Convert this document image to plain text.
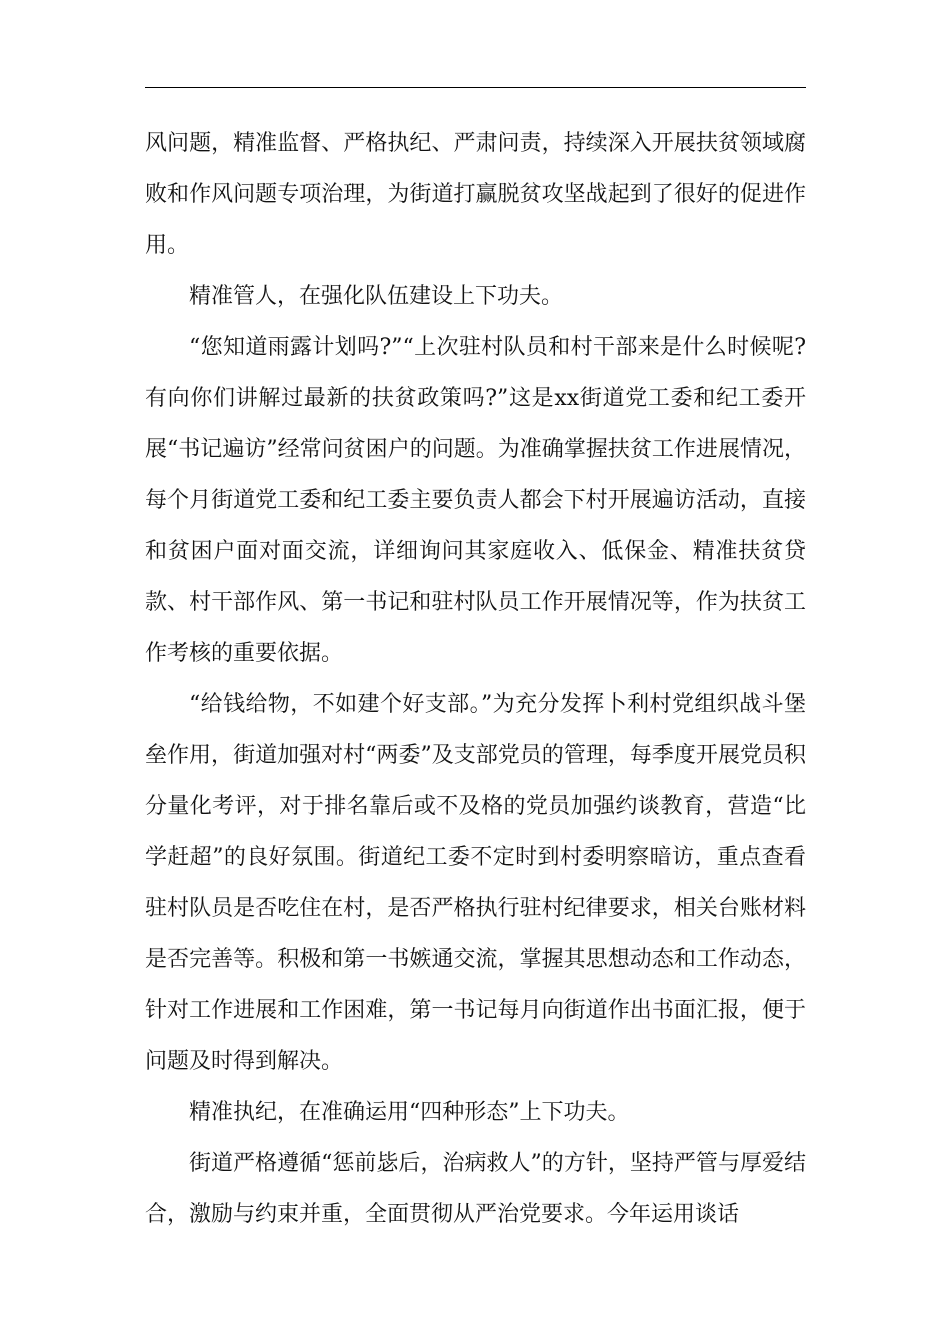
风问题，精准监督、严格执纪、严肃问责，持续深入开展扶贫领域腐败和作风问题专项治理，为街道打赢脱贫攻坚战起到了很好的促进作用。

精准管人，在强化队伍建设上下功夫。

“您知道雨露计划吗?”“上次驻村队员和村干部来是什么时候呢?有向你们讲解过最新的扶贫政策吗?”这是xx街道党工委和纪工委开展“书记遍访”经常问贫困户的问题。为准确掌握扶贫工作进展情况，每个月街道党工委和纪工委主要负责人都会下村开展遍访活动，直接和贫困户面对面交流，详细询问其家庭收入、低保金、精准扶贫贷款、村干部作风、第一书记和驻村队员工作开展情况等，作为扶贫工作考核的重要依据。

“给钱给物，不如建个好支部。”为充分发挥卜利村党组织战斗堡垒作用，街道加强对村“两委”及支部党员的管理，每季度开展党员积分量化考评，对于排名靠后或不及格的党员加强约谈教育，营造“比学赶超”的良好氛围。街道纪工委不定时到村委明察暗访，重点查看驻村队员是否吃住在村，是否严格执行驻村纪律要求，相关台账材料是否完善等。积极和第一书嫉通交流，掌握其思想动态和工作动态，针对工作进展和工作困难，第一书记每月向街道作出书面汇报，便于问题及时得到解决。

精准执纪，在准确运用“四种形态”上下功夫。

街道严格遵循“惩前毖后，治病救人”的方针，坚持严管与厚爱结合，激励与约束并重，全面贯彻从严治党要求。今年运用谈话
